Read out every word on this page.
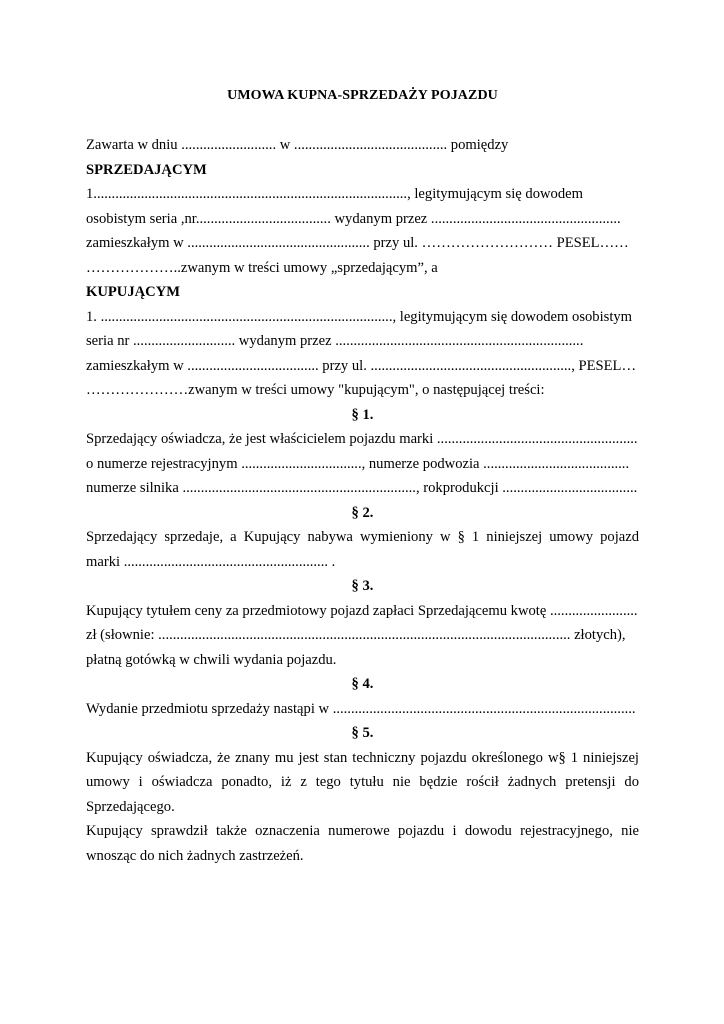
UMOWA KUPNA-SPRZEDAŻY POJAZDU
Zawarta w dniu .......................... w .......................................... pomiędzy
SPRZEDAJĄCYM
1......................................................................................, legitymującym się dowodem
osobistym seria ,nr..................................... wydanym przez ....................................................
zamieszkałym w .................................................. przy ul. ……………………… PESEL……
………………..zwanym w treści umowy „sprzedającym”, a
KUPUJĄCYM
1. ................................................................................, legitymującym się dowodem osobistym
seria nr ............................ wydanym przez ....................................................................
zamieszkałym w .................................... przy ul. ......................................................., PESEL…
…………………zwanym w treści umowy "kupującym", o następującej treści:
§ 1.
Sprzedający oświadcza, że jest właścicielem pojazdu marki .......................................................
o numerze rejestracyjnym ................................., numerze podwozia ........................................
numerze silnika ................................................................, rokprodukcji .....................................
§ 2.
Sprzedający sprzedaje, a Kupujący nabywa wymieniony w § 1 niniejszej umowy pojazd
marki ........................................................ .
§ 3.
Kupujący tytułem ceny za przedmiotowy pojazd zapłaci Sprzedającemu kwotę ........................
zł (słownie: ................................................................................................................. złotych),
płatną gotówką w chwili wydania pojazdu.
§ 4.
Wydanie przedmiotu sprzedaży nastąpi w ...................................................................................
§ 5.
Kupujący oświadcza, że znany mu jest stan techniczny pojazdu określonego w§ 1 niniejszej
umowy i oświadcza ponadto, iż z tego tytułu nie będzie rościł żadnych pretensji do
Sprzedającego.
Kupujący sprawdził także oznaczenia numerowe pojazdu i dowodu rejestracyjnego, nie
wnosząc do nich żadnych zastrzeżeń.
